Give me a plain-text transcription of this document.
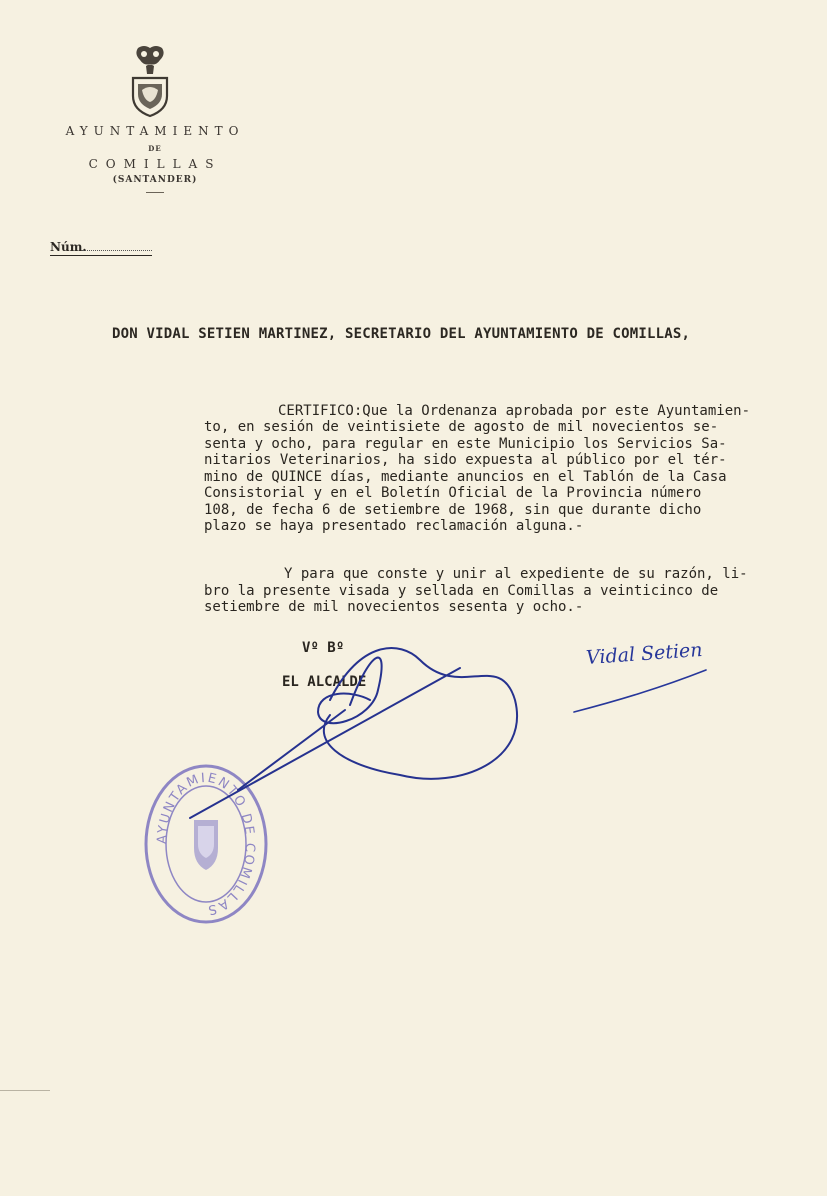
AYUNTAMIENTO
DE
COMILLAS
(SANTANDER)
Núm.
DON VIDAL SETIEN MARTINEZ, SECRETARIO DEL AYUNTAMIENTO DE COMILLAS,
CERTIFICO:Que la Ordenanza aprobada por este Ayuntamien-
to, en sesión de veintisiete de agosto de mil novecientos se-
senta y ocho, para regular en este Municipio los Servicios Sa-
nitarios Veterinarios, ha sido expuesta al público por el tér-
mino de QUINCE días, mediante anuncios en el Tablón de la Casa
Consistorial y en el Boletín Oficial de la Provincia número
108, de fecha 6 de setiembre de 1968, sin que durante dicho
plazo se haya presentado reclamación alguna.-
Y para que conste y unir al expediente de su razón, li-
bro la presente visada y sellada en Comillas a veinticinco de
setiembre de mil novecientos sesenta y ocho.-
Vº Bº
EL ALCALDE
AYUNTAMIENTO DE COMILLAS
Vidal Setien
